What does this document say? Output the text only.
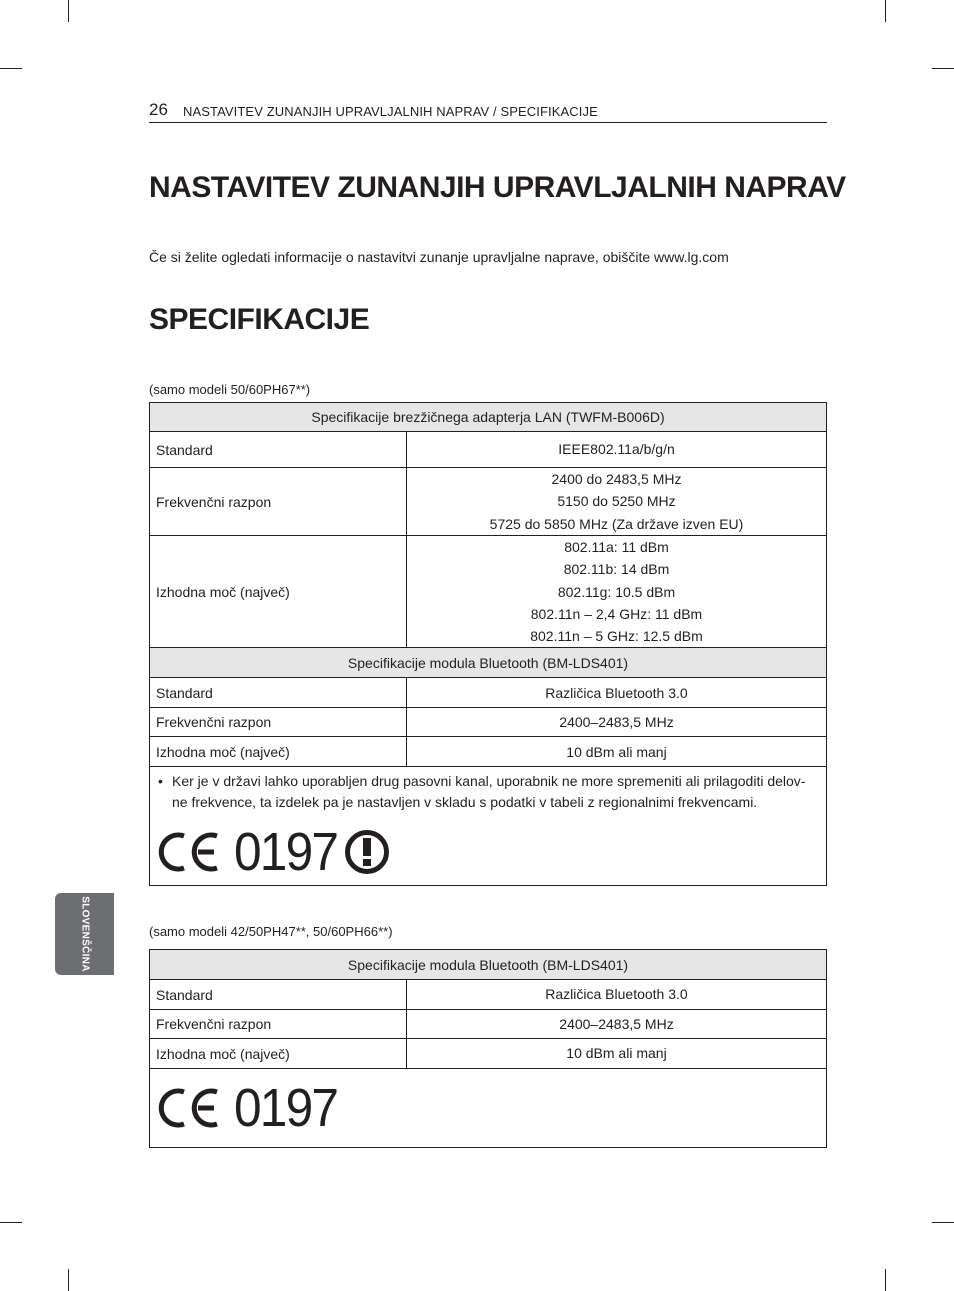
26 NASTAVITEV ZUNANJIH UPRAVLJALNIH NAPRAV / SPECIFIKACIJE
NASTAVITEV ZUNANJIH UPRAVLJALNIH NAPRAV
Če si želite ogledati informacije o nastavitvi zunanje upravljalne naprave, obiščite www.lg.com
SPECIFIKACIJE
(samo modeli 50/60PH67**)
Specifikacije brezžičnega adapterja LAN (TWFM-B006D)	
Standard	IEEE802.11a/b/g/n

Frekvenčni razpon	2400 do 2483,5 MHz
5150 do 5250 MHz
5725 do 5850 MHz (Za države izven EU)

Izhodna moč (največ)	802.11a: 11 dBm
802.11b: 14 dBm
802.11g: 10.5 dBm
802.11n – 2,4 GHz: 11 dBm
802.11n – 5 GHz: 12.5 dBm

Specifikacije modula Bluetooth (BM-LDS401)	
Standard	Različica Bluetooth 3.0
Frekvenčni razpon	2400–2483,5 MHz
Izhodna moč (največ)	10 dBm ali manj

• Ker je v državi lahko uporabljen drug pasovni kanal, uporabnik ne more spremeniti ali prilagoditi delov-ne frekvence, ta izdelek pa je nastavljen v skladu s podatki v tabeli z regionalnimi frekvencami.
0197	
(samo modeli 42/50PH47**, 50/60PH66**)
Specifikacije modula Bluetooth (BM-LDS401)	
Standard	Različica Bluetooth 3.0
Frekvenčni razpon	2400–2483,5 MHz
Izhodna moč (največ)	10 dBm ali manj

0197	
SLOVENŠČINA
